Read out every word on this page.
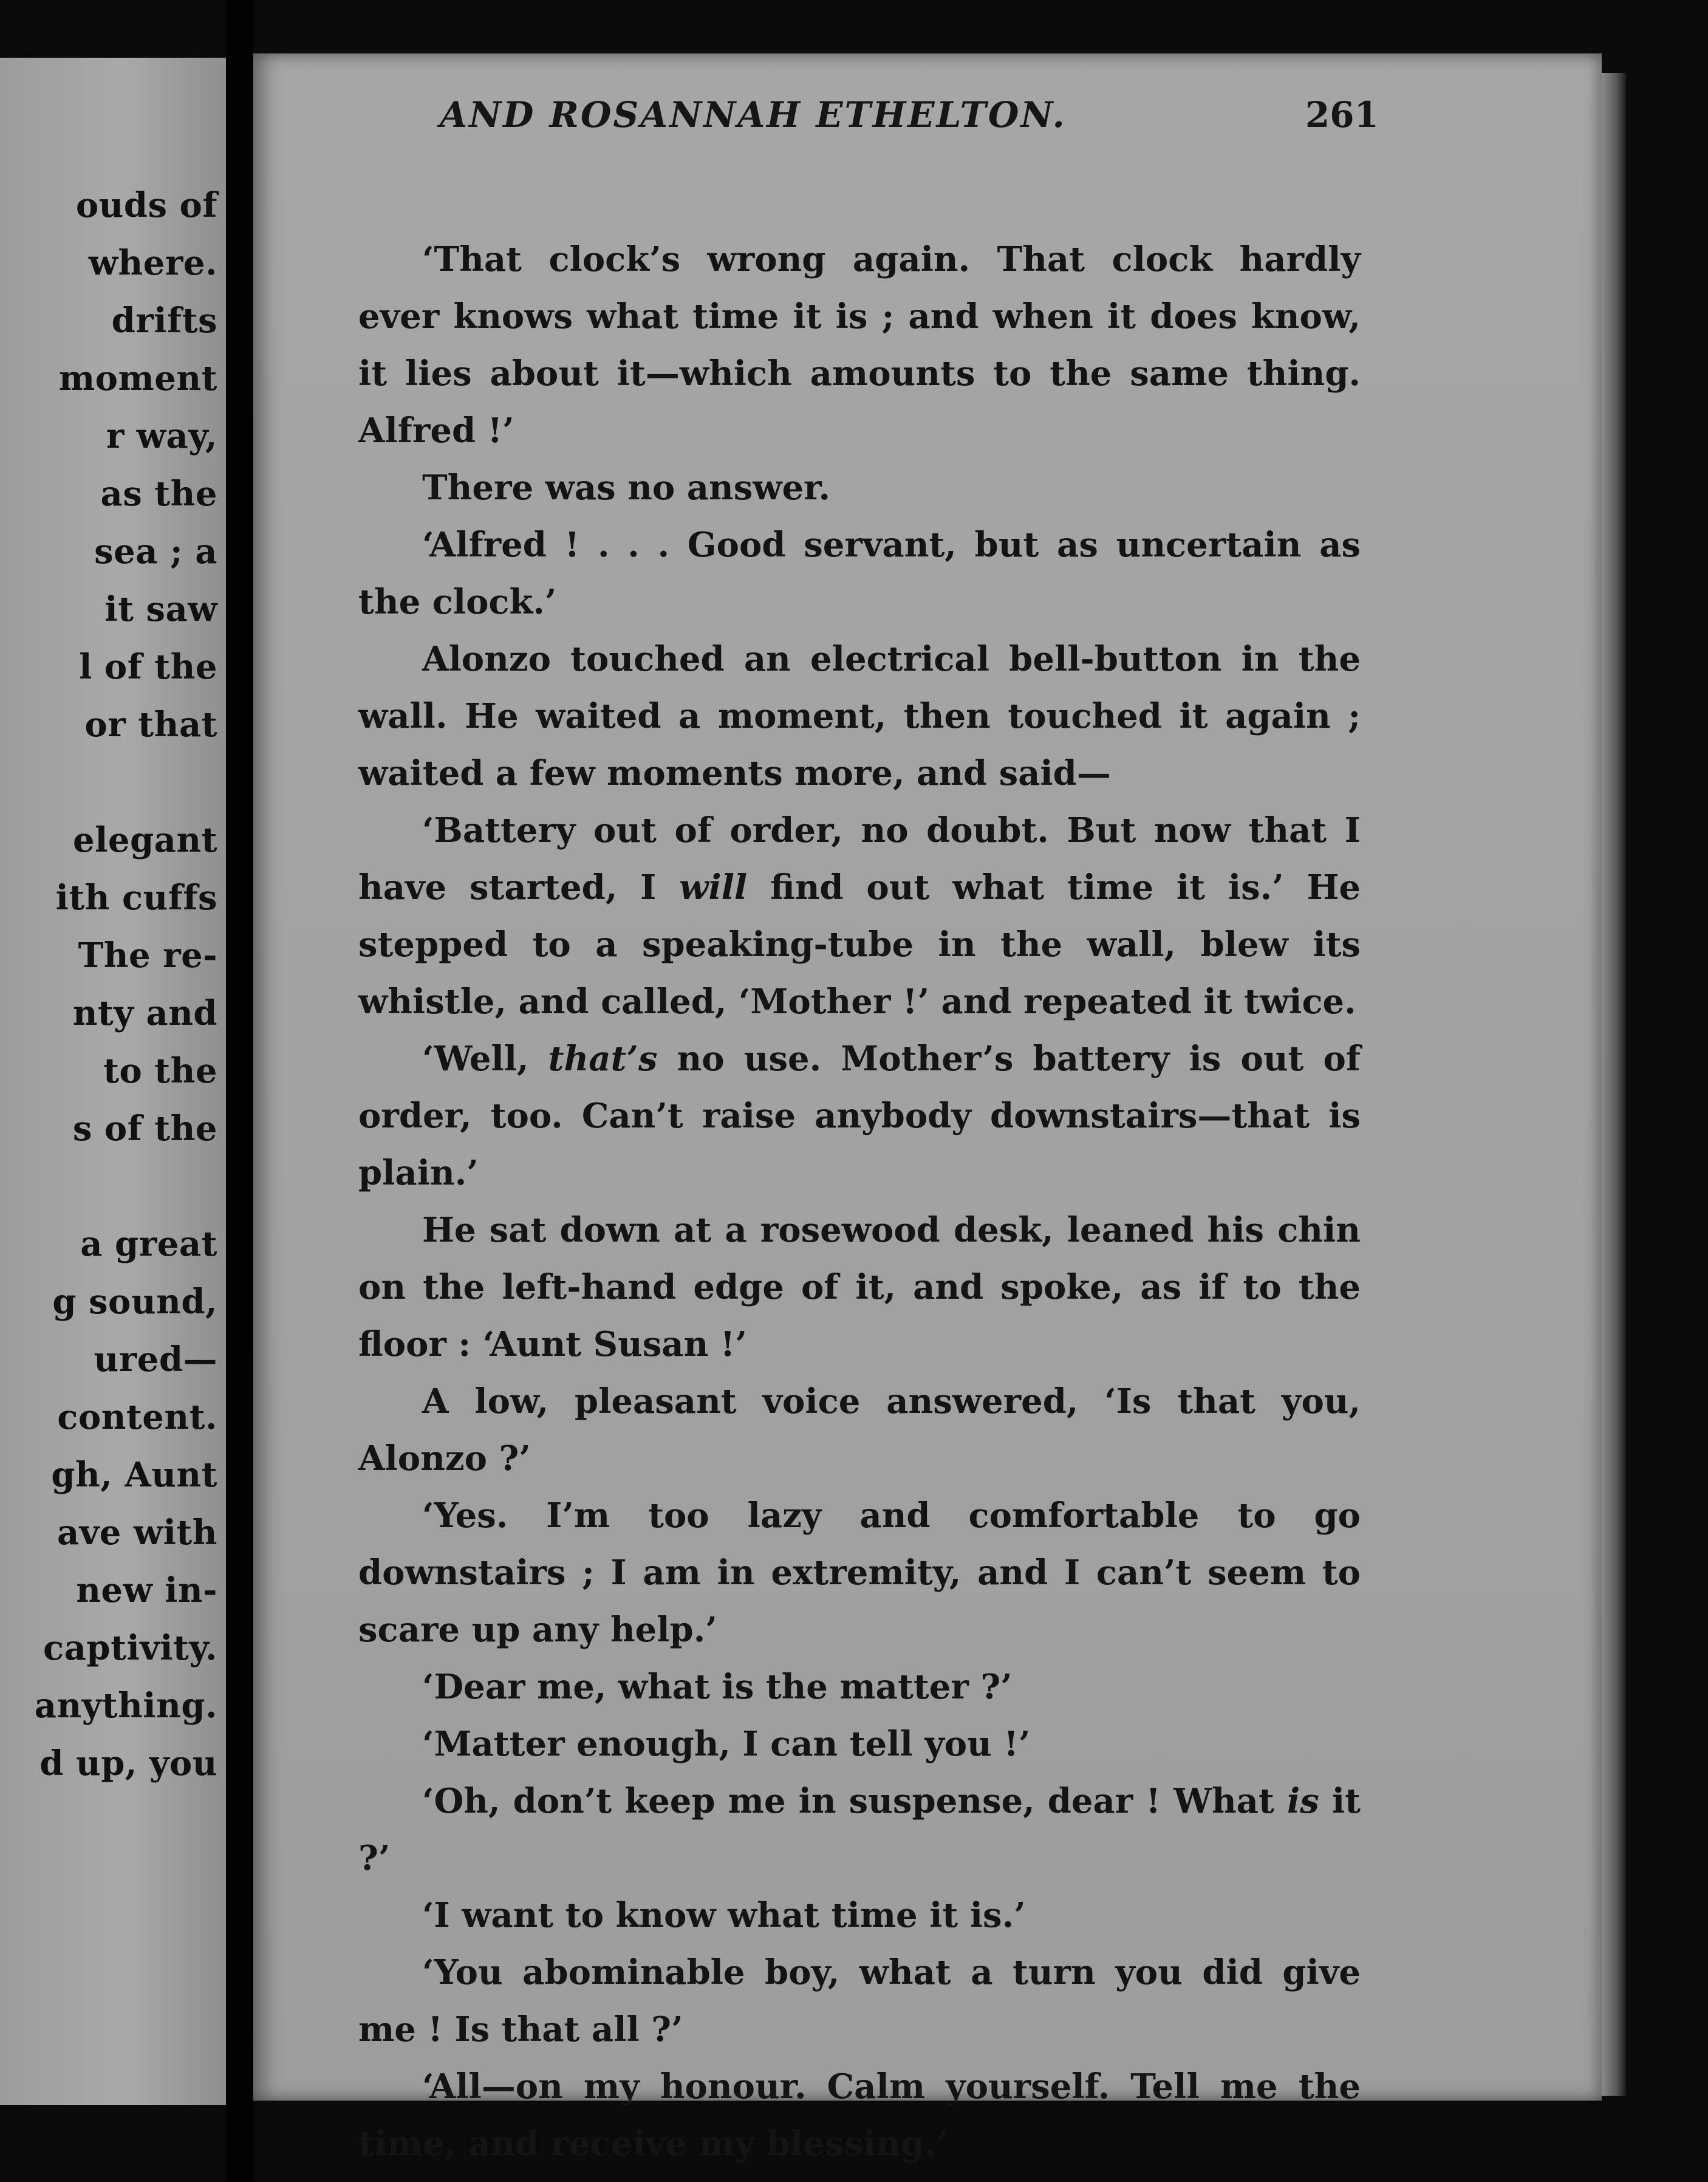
ouds of
where.
drifts
moment
r way,
as the
sea ; a
it saw
l of the
or that
elegant
ith cuffs
The re-
nty and
to the
s of the
a great
g sound,
ured—
content.
gh, Aunt
ave with
new in-
captivity.
anything.
d up, you
AND ROSANNAH ETHELTON.	261

‘That clock’s wrong again. That clock hardly ever knows what time it is ; and when it does know, it lies about it—which amounts to the same thing. Alfred !’

There was no answer.

‘Alfred ! . . . Good servant, but as uncertain as the clock.’

Alonzo touched an electrical bell-button in the wall. He waited a moment, then touched it again ; waited a few moments more, and said—

‘Battery out of order, no doubt. But now that I have started, I will find out what time it is.’ He stepped to a speaking-tube in the wall, blew its whistle, and called, ‘Mother !’ and repeated it twice.

‘Well, that’s no use. Mother’s battery is out of order, too. Can’t raise anybody downstairs—that is plain.’

He sat down at a rosewood desk, leaned his chin on the left-hand edge of it, and spoke, as if to the floor : ‘Aunt Susan !’

A low, pleasant voice answered, ‘Is that you, Alonzo ?’

‘Yes. I’m too lazy and comfortable to go downstairs ; I am in extremity, and I can’t seem to scare up any help.’

‘Dear me, what is the matter ?’

‘Matter enough, I can tell you !’

‘Oh, don’t keep me in suspense, dear ! What is it ?’

‘I want to know what time it is.’

‘You abominable boy, what a turn you did give me ! Is that all ?’

‘All—on my honour. Calm yourself. Tell me the time, and receive my blessing.’
